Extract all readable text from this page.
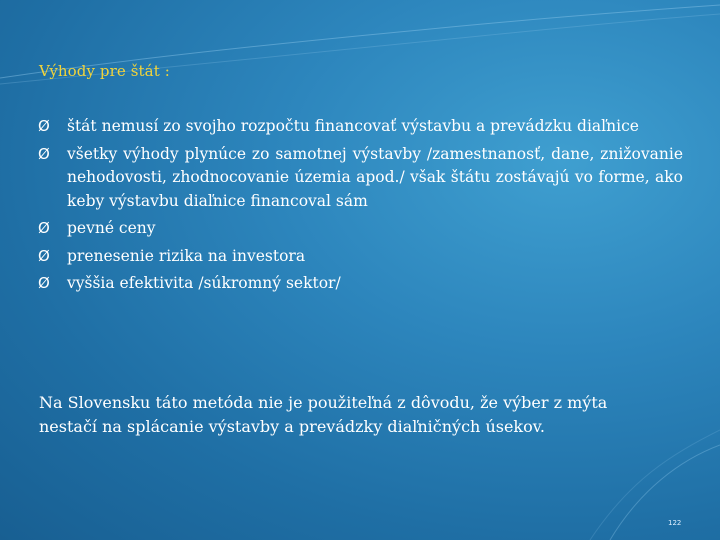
Výhody pre štát :
Ø štát nemusí zo svojho rozpočtu financovať výstavbu a prevádzku diaľnice
Ø všetky výhody plynúce zo samotnej výstavby /zamestnanosť, dane, znižovanie nehodovosti, zhodnocovanie územia apod./ však štátu zostávajú vo forme, ako keby výstavbu diaľnice financoval sám
Ø pevné ceny
Ø prenesenie rizika na investora
Ø vyššia efektivita /súkromný sektor/
Na Slovensku táto metóda nie je použiteľná z dôvodu, že výber z mýta nestačí na splácanie výstavby a prevádzky diaľničných úsekov.
122
